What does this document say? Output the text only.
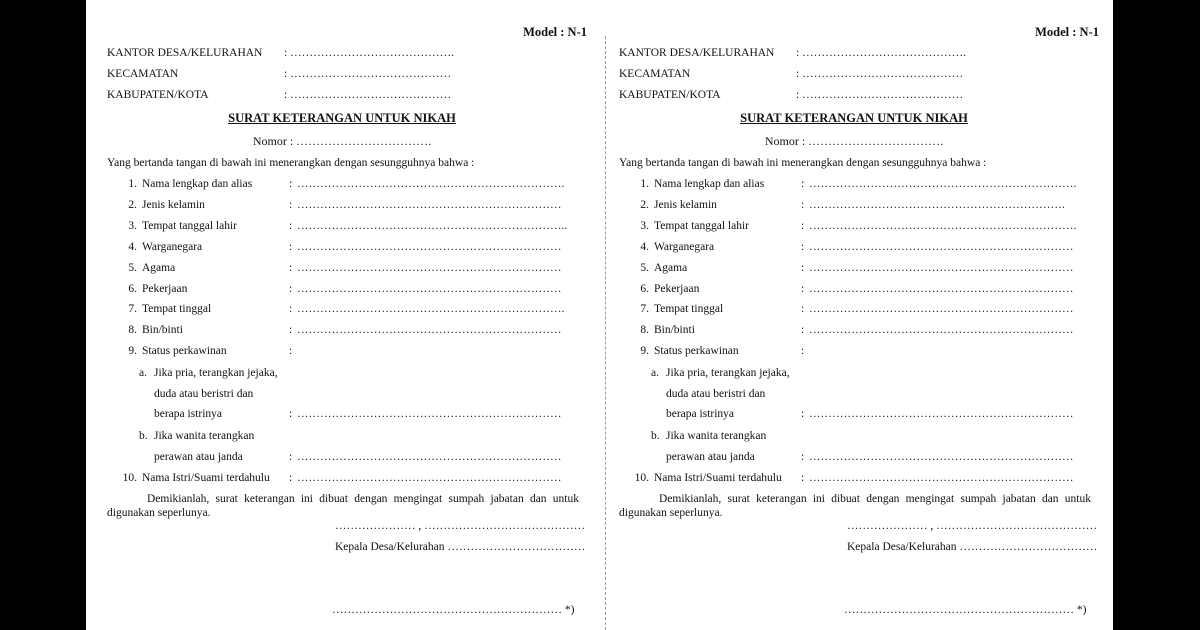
Model : N-1
KANTOR DESA/KELURAHAN : …………………………………….
KECAMATAN	: ……………………………………
KABUPATEN/KOTA	: ……………………………………
SURAT KETERANGAN UNTUK NIKAH
Nomor : …………………………….
Yang bertanda tangan di bawah ini menerangkan dengan sesungguhnya bahwa :
1. Nama lengkap dan alias	: …………………………………………………………….
2. Jenis kelamin	: ……………………………………………………………
3. Tempat tanggal lahir	: ……………………………………………………………..
4. Warganegara	: ……………………………………………………………
5. Agama	: ……………………………………………………………
6. Pekerjaan	: ……………………………………………………………
7. Tempat tinggal	: …………………………………………………………….
8. Bin/binti	: ……………………………………………………………
9. Status perkawinan	:
a. Jika pria, terangkan jejaka,
duda atau beristri dan
berapa istrinya	: ……………………………………………………………
b. Jika wanita terangkan
perawan atau janda	: ……………………………………………………………
10. Nama Istri/Suami terdahulu : ……………………………………………………………
Demikianlah, surat keterangan ini dibuat dengan mengingat sumpah jabatan dan untuk digunakan seperlunya.
………………… , ……………………………………
Kepala Desa/Kelurahan ………………………………
…………………………………………………… *)
Model : N-1
KANTOR DESA/KELURAHAN : …………………………………….
KECAMATAN	: ……………………………………
KABUPATEN/KOTA	: ……………………………………
SURAT KETERANGAN UNTUK NIKAH
Nomor : …………………………….
Yang bertanda tangan di bawah ini menerangkan dengan sesungguhnya bahwa :
1. Nama lengkap dan alias	: …………………………………………………………….
2. Jenis kelamin	: ………………………………………………………….
3. Tempat tanggal lahir	: …………………………………………………………….
4. Warganegara	: ……………………………………………………………
5. Agama	: ……………………………………………………………
6. Pekerjaan	: ……………………………………………………………
7. Tempat tinggal	: ……………………………………………………………
8. Bin/binti	: ……………………………………………………………
9. Status perkawinan	:
a. Jika pria, terangkan jejaka,
duda atau beristri dan
berapa istrinya	: ……………………………………………………………
b. Jika wanita terangkan
perawan atau janda	: ……………………………………………………………
10. Nama Istri/Suami terdahulu : ……………………………………………………………
Demikianlah, surat keterangan ini dibuat dengan mengingat sumpah jabatan dan untuk digunakan seperlunya.
………………… , ……………………………………
Kepala Desa/Kelurahan ………………………………
…………………………………………………… *)
